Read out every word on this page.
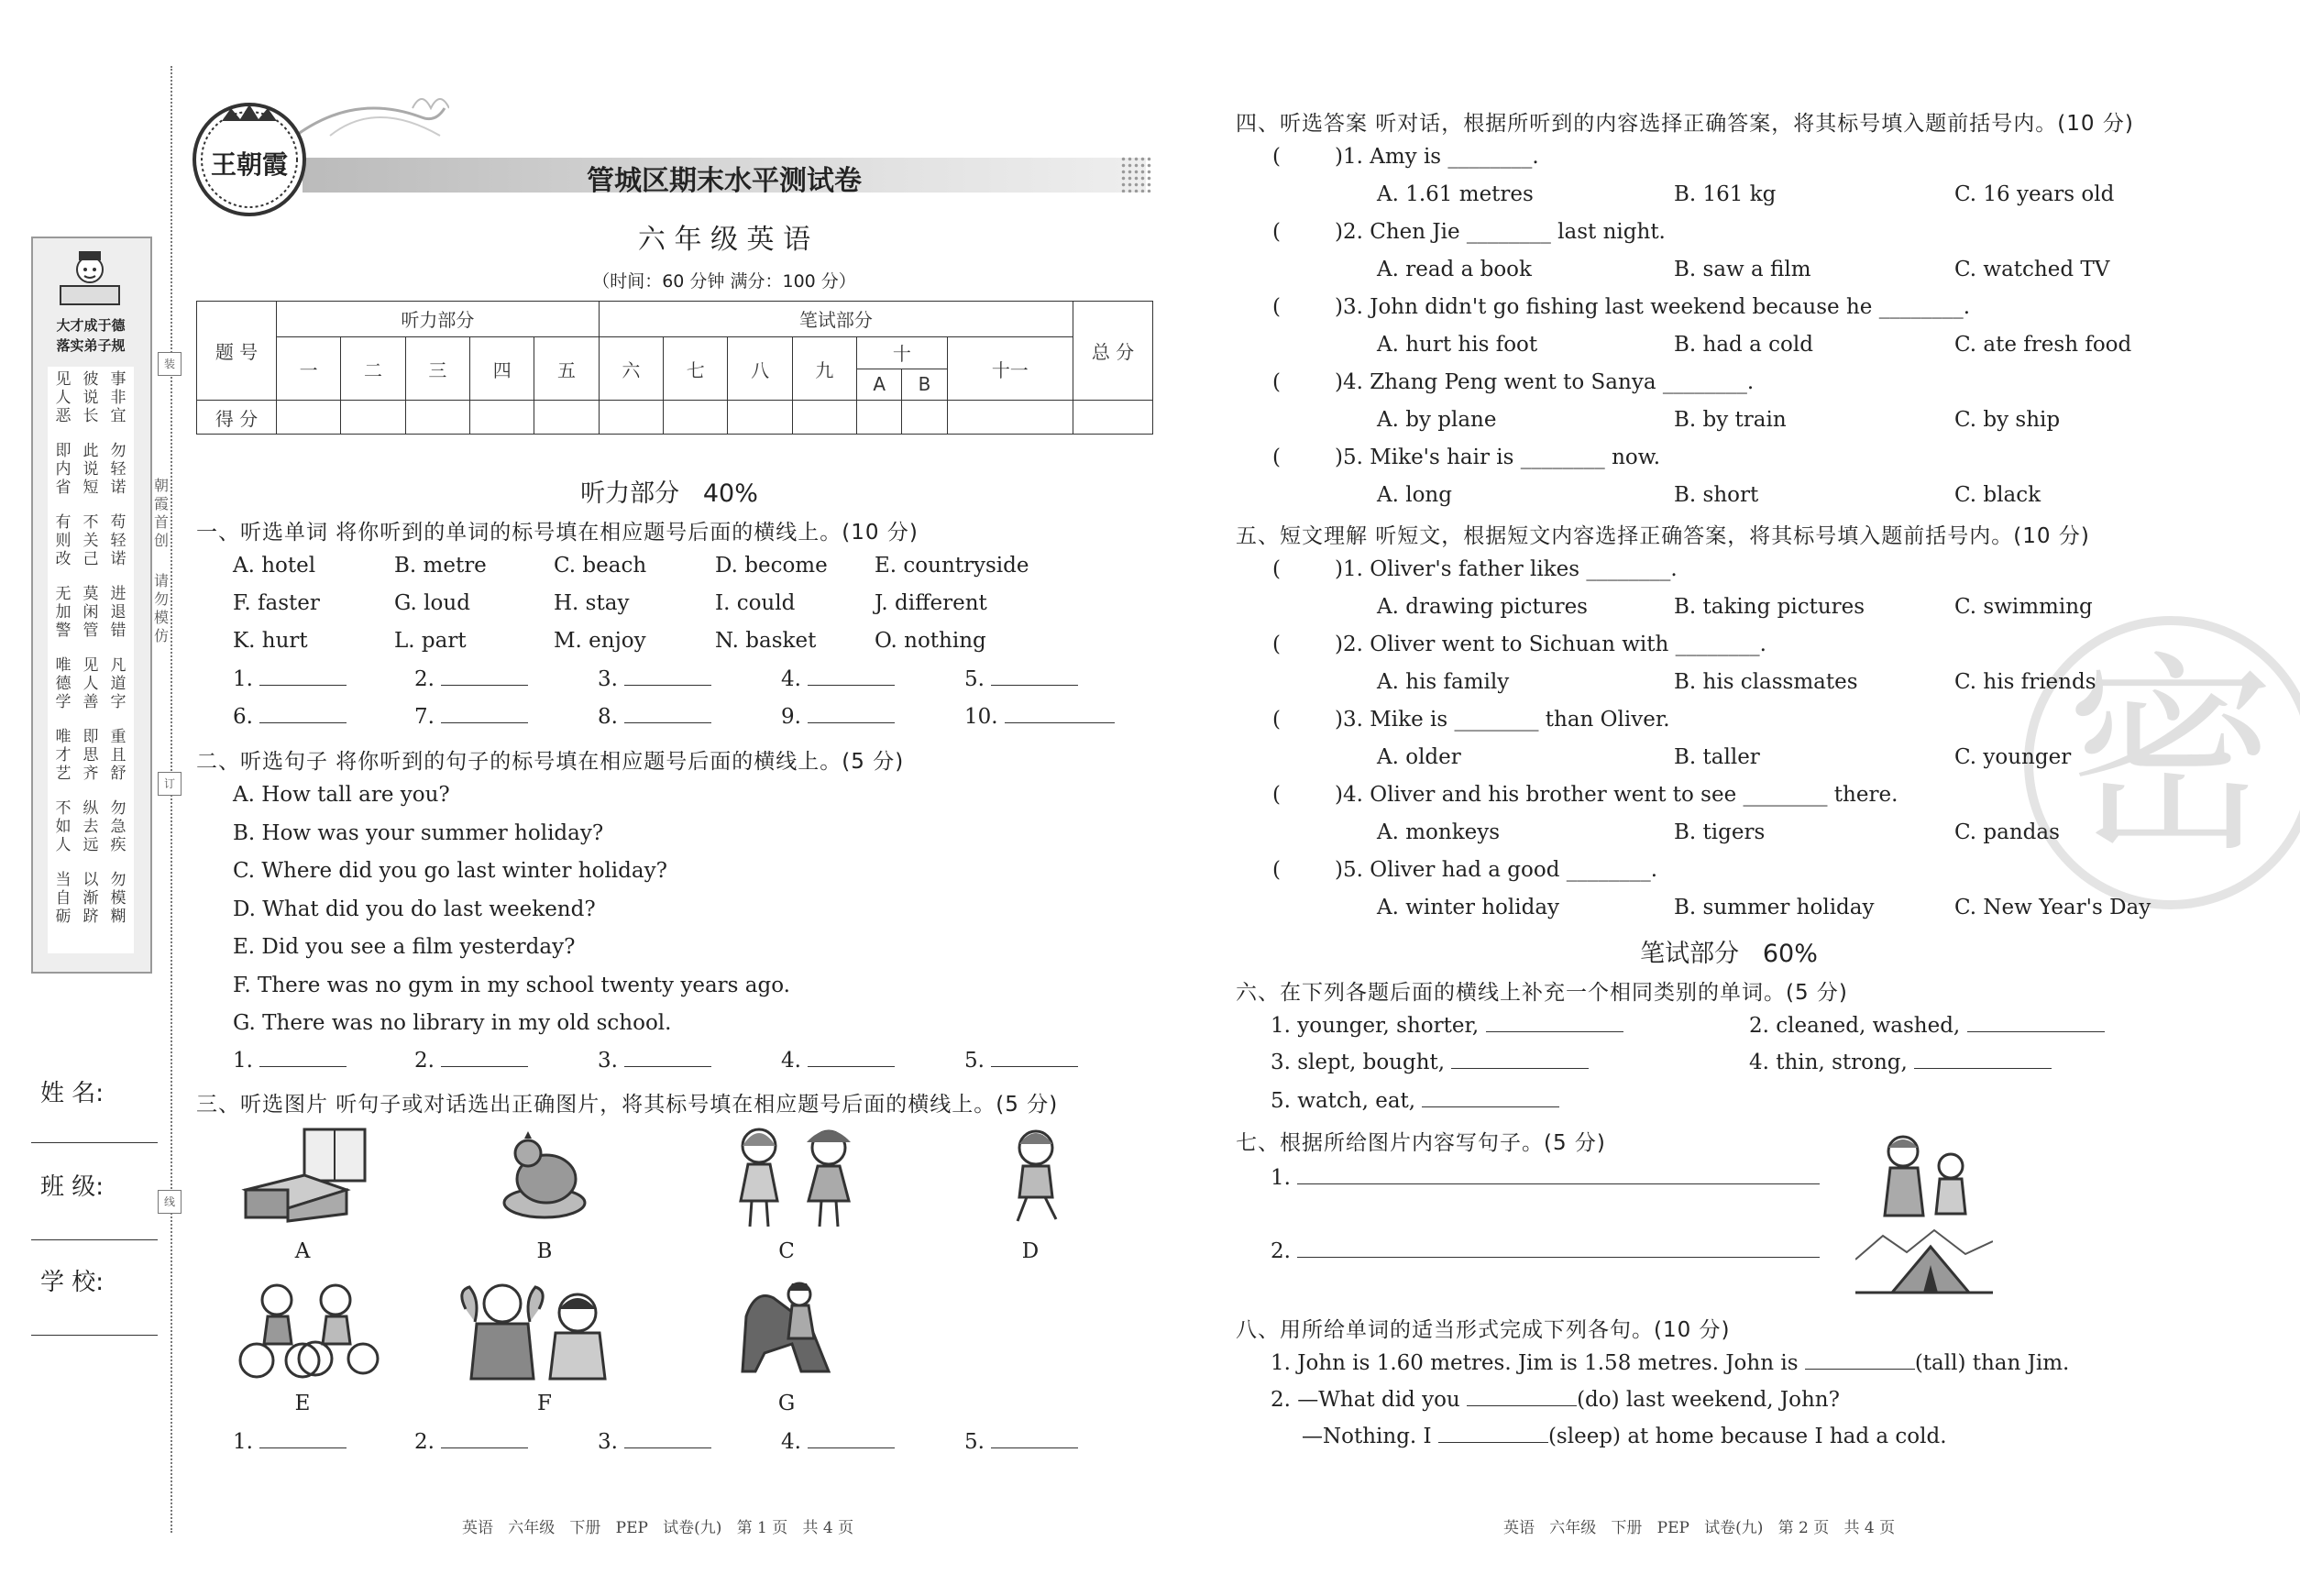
大才成于德
落实弟子规
见人恶
彼说长
事非宜
即内省
此说短
勿轻诺
有则改
不关己
苟轻诺
无加警
莫闲管
进退错
唯德学
见人善
凡道字
唯才艺
即思齐
重且舒
不如人
纵去远
勿急疾
当自砺
以渐跻
勿模糊
装
朝霞首创
请勿模仿
订
线
姓 名:
班 级:
学 校:
王朝霞
管城区期末水平测试卷
六 年 级 英 语
（时间：60 分钟 满分：100 分）
题 号	听力部分					笔试部分							总 分
	一	二	三	四	五	六	七	八	九	十		十一	
										A	B		
得 分													
听力部分   40%
一、听选单词 将你听到的单词的标号填在相应题号后面的横线上。(10 分)
A. hotel	B. metre	C. beach	D. become E. countryside
F. faster	G. loud	H. stay	I. could	J. different
K. hurt	L. part	M. enjoy	N. basket	O. nothing
1.	2.	3.	4.	5.
6.	7.	8.	9.	10.
二、听选句子 将你听到的句子的标号填在相应题号后面的横线上。(5 分)
A. How tall are you?
B. How was your summer holiday?
C. Where did you go last winter holiday?
D. What did you do last weekend?
E. Did you see a film yesterday?
F. There was no gym in my school twenty years ago.
G. There was no library in my old school.
1.	2.	3.	4.	5.
三、听选图片 听句子或对话选出正确图片，将其标号填在相应题号后面的横线上。(5 分)
A	B	C	D
E	F	G
1.	2.	3.	4.	5.
英语   六年级   下册   PEP   试卷(九)   第 1 页   共 4 页
密
四、听选答案 听对话，根据所听到的内容选择正确答案，将其标号填入题前括号内。(10 分)
(	)1. Amy is ________.
A. 1.61 metres	B. 161 kg	C. 16 years old
(	)2. Chen Jie ________ last night.
A. read a book	B. saw a film	C. watched TV
(	)3. John didn't go fishing last weekend because he ________.
A. hurt his foot	B. had a cold	C. ate fresh food
(	)4. Zhang Peng went to Sanya ________.
A. by plane	B. by train	C. by ship
(	)5. Mike's hair is ________ now.
A. long	B. short	C. black
五、短文理解 听短文，根据短文内容选择正确答案，将其标号填入题前括号内。(10 分)
(	)1. Oliver's father likes ________.
A. drawing pictures	B. taking pictures	C. swimming
(	)2. Oliver went to Sichuan with ________.
A. his family	B. his classmates	C. his friends
(	)3. Mike is ________ than Oliver.
A. older	B. taller	C. younger
(	)4. Oliver and his brother went to see ________ there.
A. monkeys	B. tigers	C. pandas
(	)5. Oliver had a good ________.
A. winter holiday	B. summer holiday	C. New Year's Day
笔试部分   60%
六、在下列各题后面的横线上补充一个相同类别的单词。(5 分)
1. younger, shorter,	2. cleaned, washed,
3. slept, bought,	4. thin, strong,
5. watch, eat,
七、根据所给图片内容写句子。(5 分)
1.
2.
八、用所给单词的适当形式完成下列各句。(10 分)
1. John is 1.60 metres. Jim is 1.58 metres. John is	(tall) than Jim.
2. —What did you	(do) last weekend, John?
—Nothing. I	(sleep) at home because I had a cold.
英语   六年级   下册   PEP   试卷(九)   第 2 页   共 4 页
